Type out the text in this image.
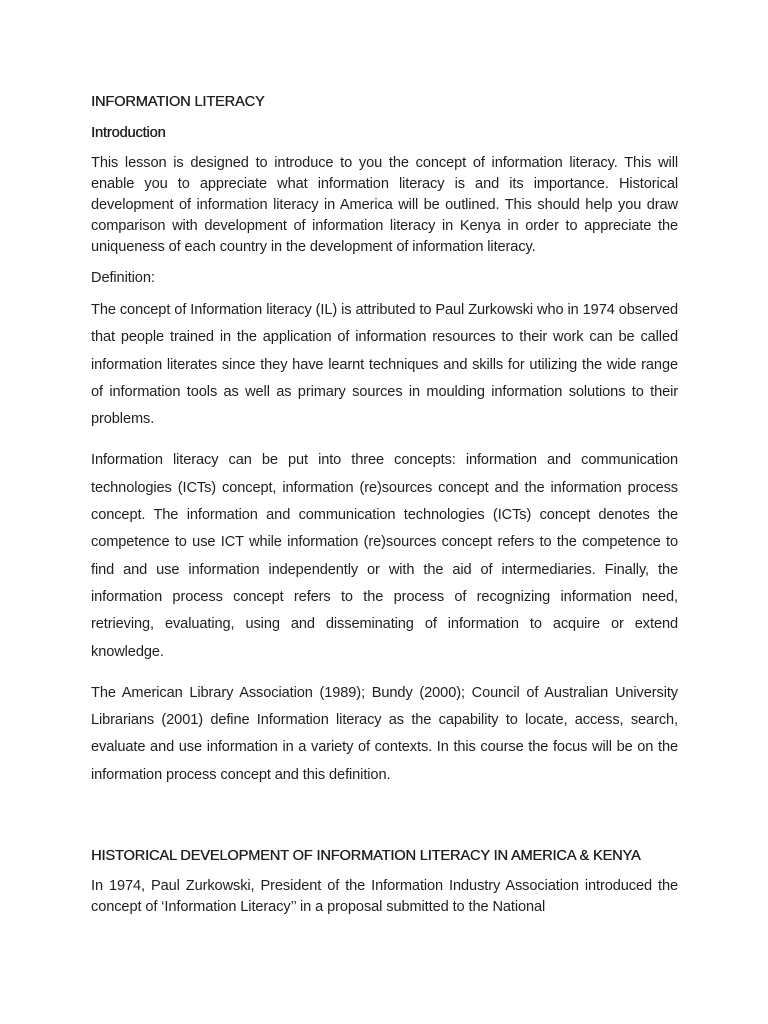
INFORMATION LITERACY
Introduction

This lesson is designed to introduce to you the concept of information literacy. This will enable you to appreciate what information literacy is and its importance. Historical development of information literacy in America will be outlined. This should help you draw comparison with development of information literacy in Kenya in order to appreciate the uniqueness of each country in the development of information literacy.

Definition:

The concept of Information literacy (IL) is attributed to Paul Zurkowski who in 1974 observed that people trained in the application of information resources to their work can be called information literates since they have learnt techniques and skills for utilizing the wide range of information tools as well as primary sources in moulding information solutions to their problems.

Information literacy can be put into three concepts: information and communication technologies (ICTs) concept, information (re)sources concept and the information process concept. The information and communication technologies (ICTs) concept denotes the competence to use ICT while information (re)sources concept refers to the competence to find and use information independently or with the aid of intermediaries. Finally, the information process concept refers to the process of recognizing information need, retrieving, evaluating, using and disseminating of information to acquire or extend knowledge.

The American Library Association (1989); Bundy (2000); Council of Australian University Librarians (2001) define Information literacy as the capability to locate, access, search, evaluate and use information in a variety of contexts. In this course the focus will be on the information process concept and this definition.

HISTORICAL DEVELOPMENT OF INFORMATION LITERACY IN AMERICA & KENYA

In 1974, Paul Zurkowski, President of the Information Industry Association introduced the concept of ‘Information Literacy’’ in a proposal submitted to the National
